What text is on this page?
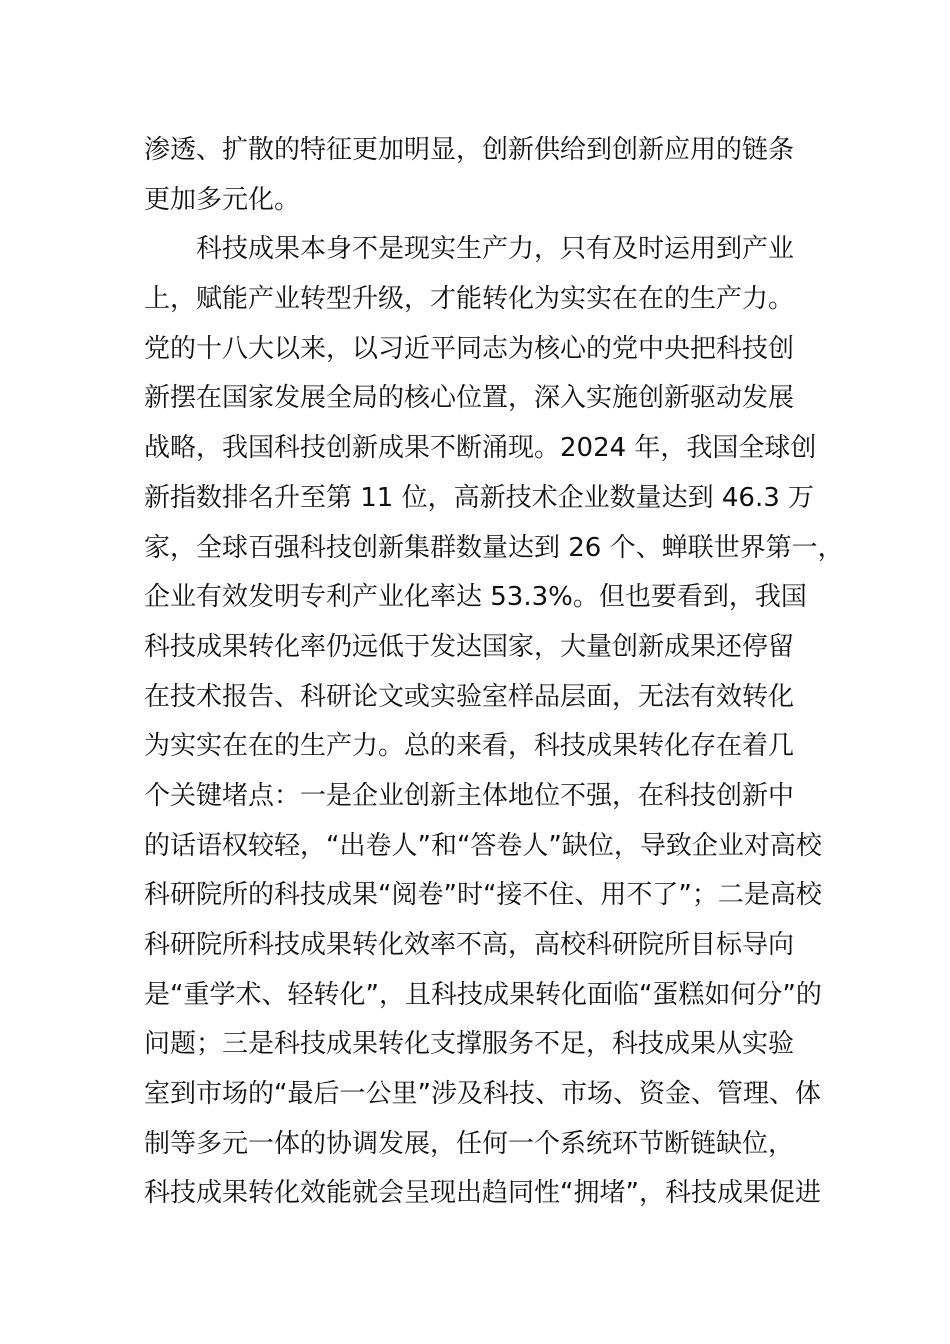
渗透、扩散的特征更加明显，创新供给到创新应用的链条
更加多元化。
科技成果本身不是现实生产力，只有及时运用到产业
上，赋能产业转型升级，才能转化为实实在在的生产力。
党的十八大以来，以习近平同志为核心的党中央把科技创
新摆在国家发展全局的核心位置，深入实施创新驱动发展
战略，我国科技创新成果不断涌现。2024 年，我国全球创
新指数排名升至第 11 位，高新技术企业数量达到 46.3 万
家，全球百强科技创新集群数量达到 26 个、蝉联世界第一，
企业有效发明专利产业化率达 53.3%。但也要看到，我国
科技成果转化率仍远低于发达国家，大量创新成果还停留
在技术报告、科研论文或实验室样品层面，无法有效转化
为实实在在的生产力。总的来看，科技成果转化存在着几
个关键堵点：一是企业创新主体地位不强，在科技创新中
的话语权较轻，“出卷人”和“答卷人”缺位，导致企业对高校
科研院所的科技成果“阅卷”时“接不住、用不了”；二是高校
科研院所科技成果转化效率不高，高校科研院所目标导向
是“重学术、轻转化”，且科技成果转化面临“蛋糕如何分”的
问题；三是科技成果转化支撑服务不足，科技成果从实验
室到市场的“最后一公里”涉及科技、市场、资金、管理、体
制等多元一体的协调发展，任何一个系统环节断链缺位，
科技成果转化效能就会呈现出趋同性“拥堵”，科技成果促进
